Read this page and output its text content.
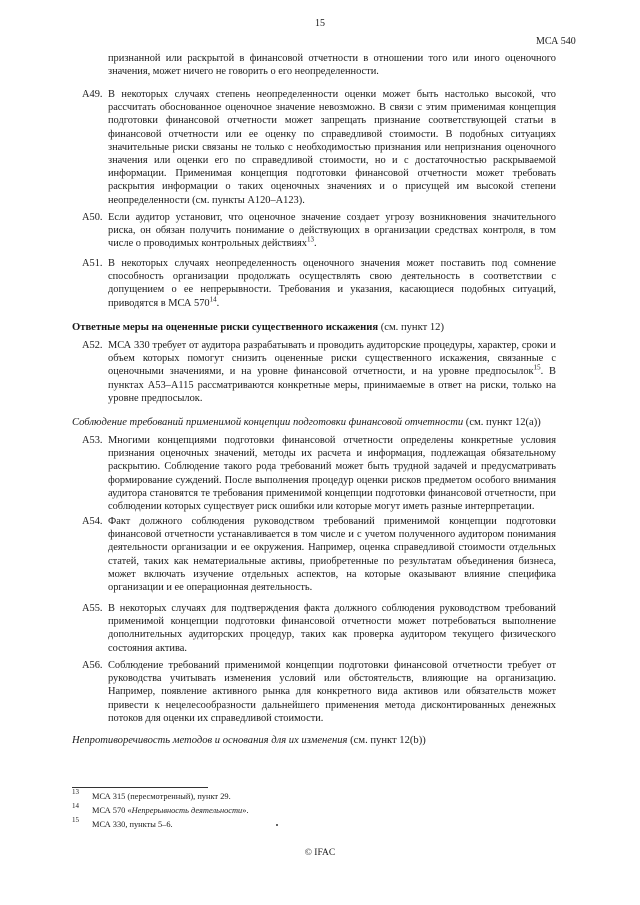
15
МСА 540
признанной или раскрытой в финансовой отчетности в отношении того или иного оценочного значения, может ничего не говорить о его неопределенности.
A49. В некоторых случаях степень неопределенности оценки может быть настолько высокой, что рассчитать обоснованное оценочное значение невозможно. В связи с этим применимая концепция подготовки финансовой отчетности может запрещать признание соответствующей статьи в финансовой отчетности или ее оценку по справедливой стоимости. В подобных ситуациях значительные риски связаны не только с необходимостью признания или непризнания оценочного значения или оценки его по справедливой стоимости, но и с достаточностью раскрываемой информации. Применимая концепция подготовки финансовой отчетности может требовать раскрытия информации о таких оценочных значениях и о присущей им высокой степени неопределенности (см. пункты A120–A123).
A50. Если аудитор установит, что оценочное значение создает угрозу возникновения значительного риска, он обязан получить понимание о действующих в организации средствах контроля, в том числе о проводимых контрольных действиях$^{13}$.
A51. В некоторых случаях неопределенность оценочного значения может поставить под сомнение способность организации продолжать осуществлять свою деятельность в соответствии с допущением о ее непрерывности. Требования и указания, касающиеся подобных ситуаций, приводятся в МСА $570^{14}$.
Ответные меры на оцененные риски существенного искажения (см. пункт 12)
A52. МСА 330 требует от аудитора разрабатывать и проводить аудиторские процедуры, характер, сроки и объем которых помогут снизить оцененные риски существенного искажения, связанные с оценочными значениями, и на уровне финансовой отчетности, и на уровне предпосылок$^{15}$. В пунктах A53–A115 рассматриваются конкретные меры, принимаемые в ответ на риски, только на уровне предпосылок.
Соблюдение требований применимой концепции подготовки финансовой отчетности (см. пункт 12(a))
A53. Многими концепциями подготовки финансовой отчетности определены конкретные условия признания оценочных значений, методы их расчета и информация, подлежащая обязательному раскрытию. Соблюдение такого рода требований может быть трудной задачей и предусматривать формирование суждений. После выполнения процедур оценки рисков предметом особого внимания аудитора становятся те требования применимой концепции подготовки финансовой отчетности, при соблюдении которых существует риск ошибки или которые могут иметь разные интерпретации.
A54. Факт должного соблюдения руководством требований применимой концепции подготовки финансовой отчетности устанавливается в том числе и с учетом полученного аудитором понимания деятельности организации и ее окружения. Например, оценка справедливой стоимости отдельных статей, таких как нематериальные активы, приобретенные по результатам объединения бизнеса, может включать изучение отдельных аспектов, на которые оказывают влияние специфика организации и ее операционная деятельность.
A55. В некоторых случаях для подтверждения факта должного соблюдения руководством требований применимой концепции подготовки финансовой отчетности может потребоваться выполнение дополнительных аудиторских процедур, таких как проверка аудитором текущего физического состояния актива.
A56. Соблюдение требований применимой концепции подготовки финансовой отчетности требует от руководства учитывать изменения условий или обстоятельств, влияющие на организацию. Например, появление активного рынка для конкретного вида активов или обязательств может привести к нецелесообразности дальнейшего применения метода дисконтированных денежных потоков для оценки их справедливой стоимости.
Непротиворечивость методов и основания для их изменения (см. пункт 12(b))
13 МСА 315 (пересмотренный), пункт 29.
14 МСА 570 «Непрерывность деятельности».
15 МСА 330, пункты 5–6.
© IFAC
